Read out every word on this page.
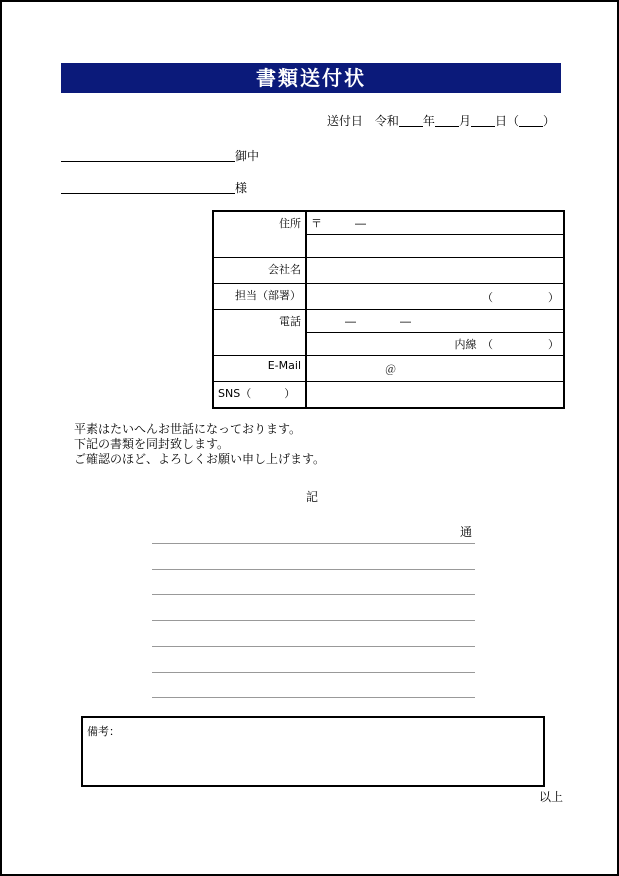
書類送付状
送付日　 令和 年 月 日（ ）
御中
様
住所	〒　　　―

会社名	
担当（部署）	（　　　　　）
電話	―　　　　―
	内線　（　　　　　）
E-Mail	＠
SNS（　　　）	
平素はたいへんお世話になっております。
下記の書類を同封致します。
ご確認のほど、よろしくお願い申し上げます。
記
通
備考：
以上
